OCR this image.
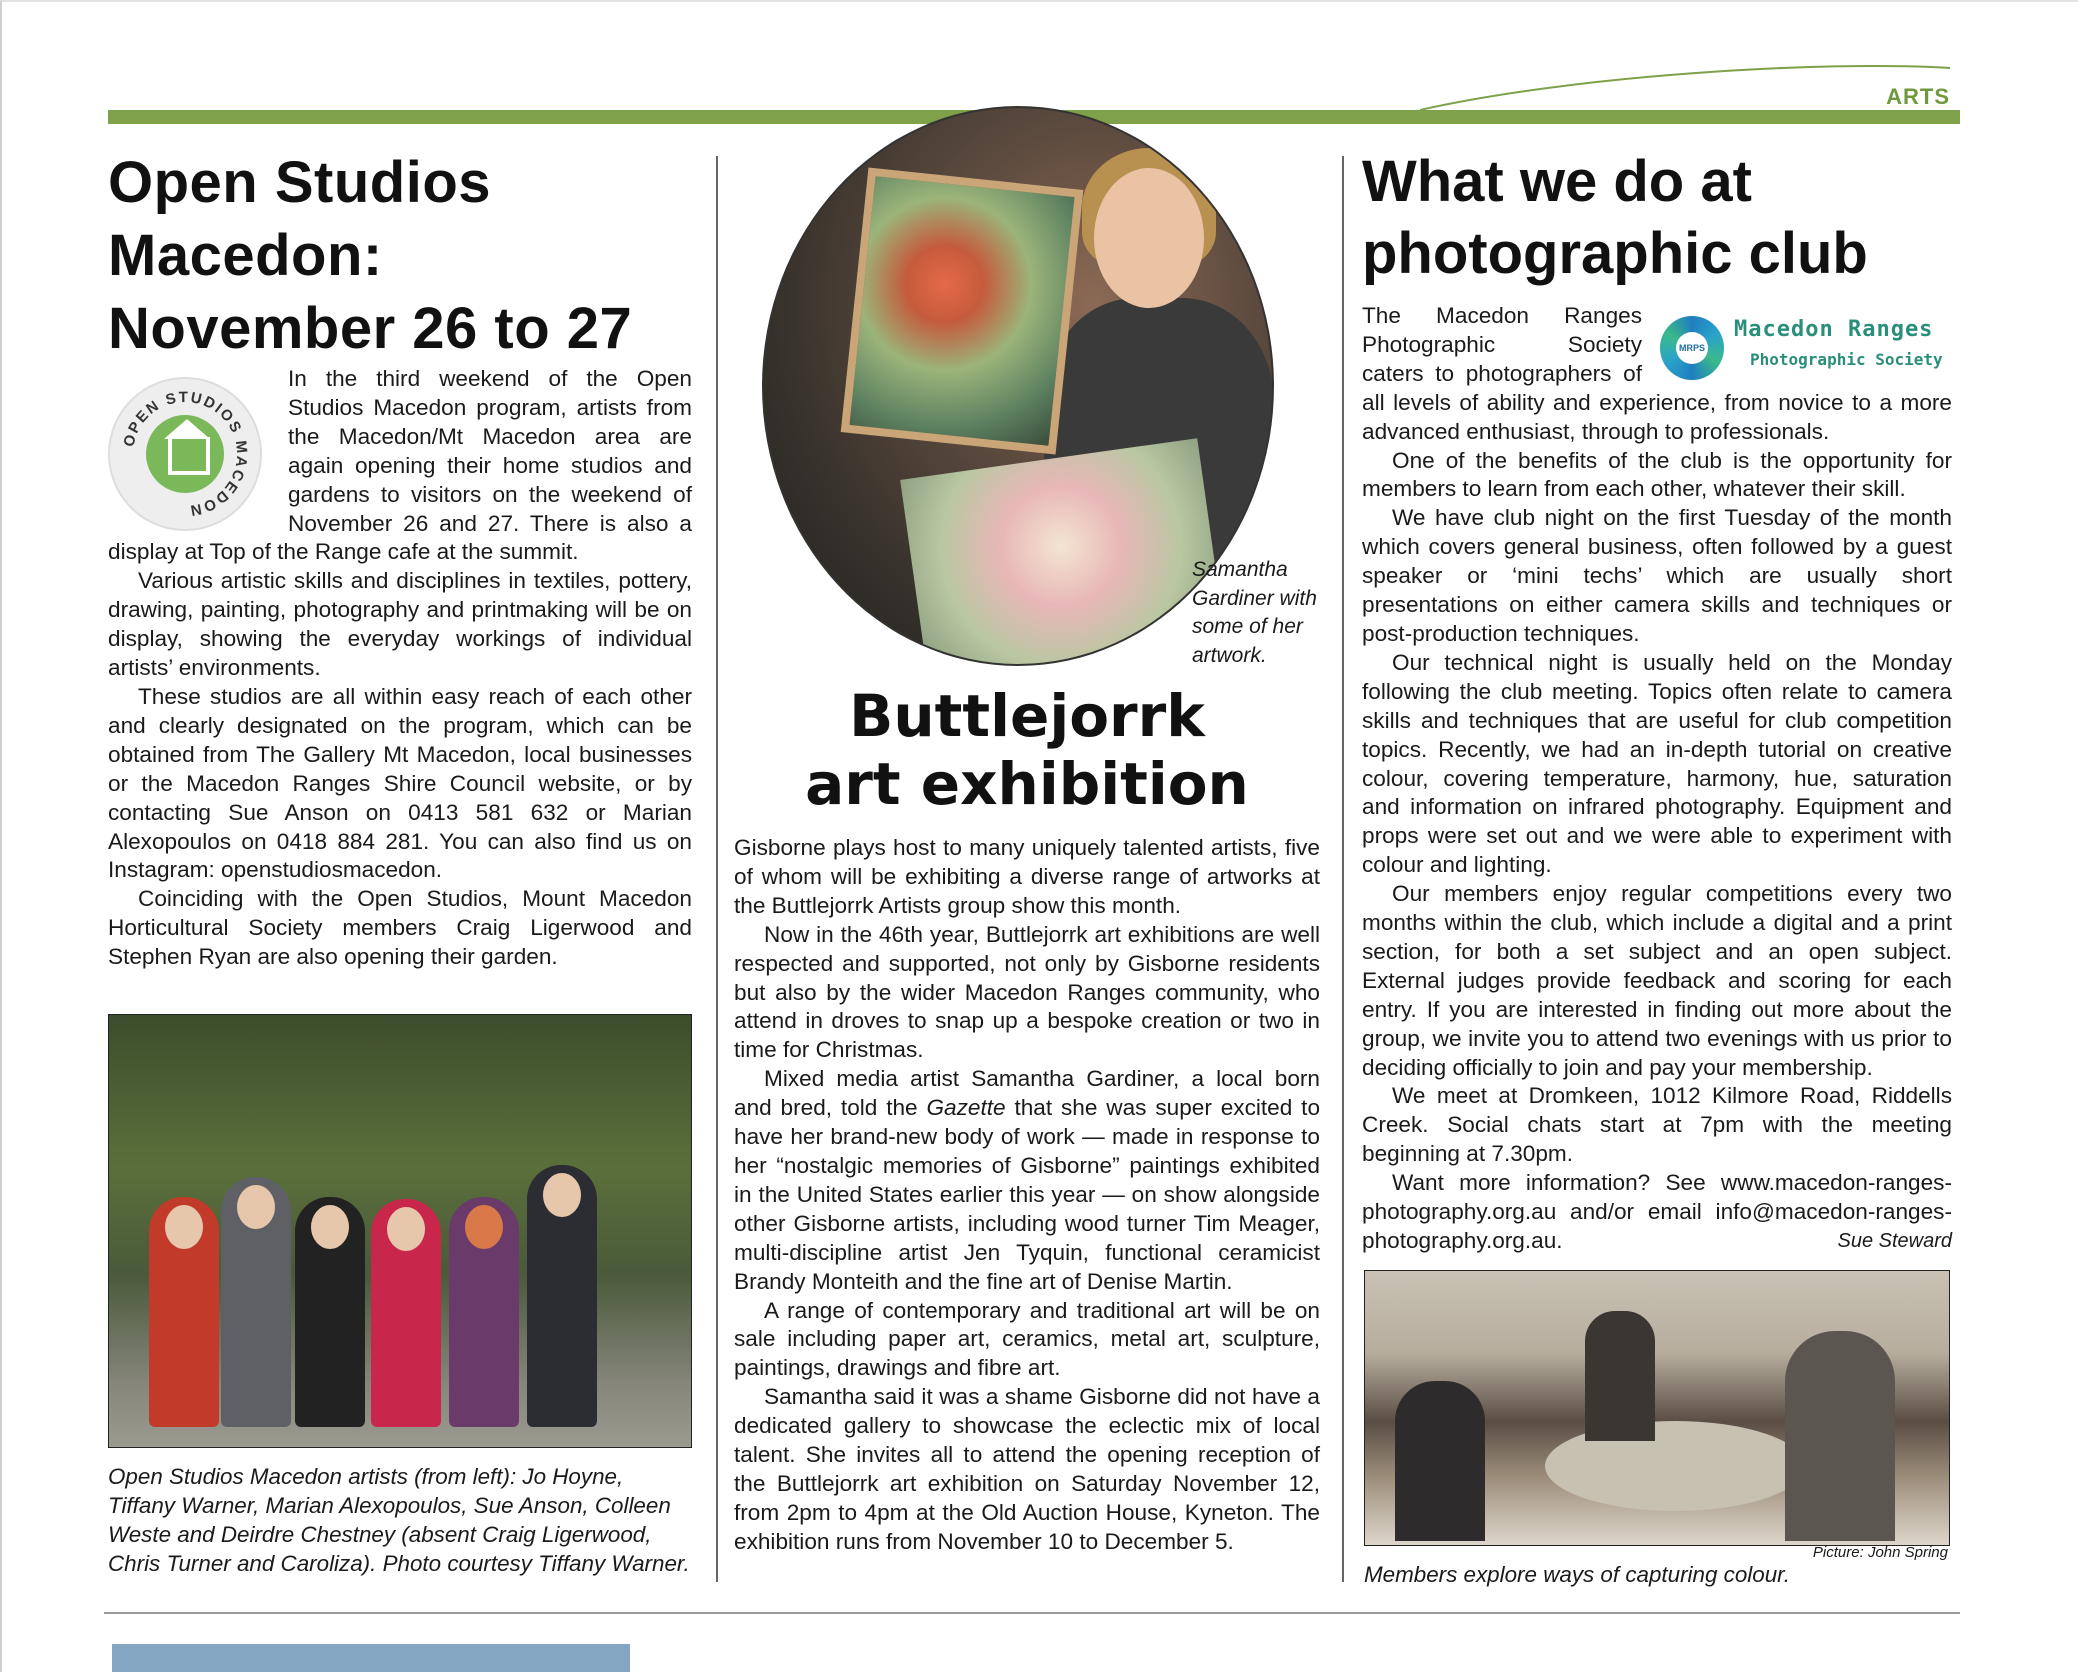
ARTS
Open Studios
Macedon:
November 26 to 27
OPEN STUDIOS MACEDON

In the third weekend of the Open Studios Macedon program, artists from the Macedon/Mt Macedon area are again opening their home studios and gardens to visitors on the weekend of November 26 and 27. There is also a display at Top of the Range cafe at the summit.

Various artistic skills and disciplines in textiles, pottery, drawing, painting, photography and printmaking will be on display, showing the everyday workings of individual artists’ environments.

These studios are all within easy reach of each other and clearly designated on the program, which can be obtained from The Gallery Mt Macedon, local businesses or the Macedon Ranges Shire Council website, or by contacting Sue Anson on 0413 581 632 or Marian Alexopoulos on 0418 884 281. You can also find us on Instagram: openstudiosmacedon.

Coinciding with the Open Studios, Mount Macedon Horticultural Society members Craig Ligerwood and Stephen Ryan are also opening their garden.

Open Studios Macedon artists (from left): Jo Hoyne, Tiffany Warner, Marian Alexopoulos, Sue Anson, Colleen Weste and Deirdre Chestney (absent Craig Ligerwood, Chris Turner and Caroliza). Photo courtesy Tiffany Warner.
Samantha Gardiner with some of her artwork.
Buttlejorrk
art exhibition

Gisborne plays host to many uniquely talented artists, five of whom will be exhibiting a diverse range of artworks at the Buttlejorrk Artists group show this month.

Now in the 46th year, Buttlejorrk art exhibitions are well respected and supported, not only by Gisborne residents but also by the wider Macedon Ranges community, who attend in droves to snap up a bespoke creation or two in time for Christmas.

Mixed media artist Samantha Gardiner, a local born and bred, told the Gazette that she was super excited to have her brand-new body of work — made in response to her “nostalgic memories of Gisborne” paintings exhibited in the United States earlier this year — on show alongside other Gisborne artists, including wood turner Tim Meager, multi-discipline artist Jen Tyquin, functional ceramicist Brandy Monteith and the fine art of Denise Martin.

A range of contemporary and traditional art will be on sale including paper art, ceramics, metal art, sculpture, paintings, drawings and fibre art.

Samantha said it was a shame Gisborne did not have a dedicated gallery to showcase the eclectic mix of local talent. She invites all to attend the opening reception of the Buttlejorrk art exhibition on Saturday November 12, from 2pm to 4pm at the Old Auction House, Kyneton. The exhibition runs from November 10 to December 5.

What we do at
photographic club
MRPS
Macedon Ranges
Photographic Society

The Macedon Ranges Photographic Society caters to photographers of all levels of ability and experience, from novice to a more advanced enthusiast, through to professionals.

One of the benefits of the club is the opportunity for members to learn from each other, whatever their skill.

We have club night on the first Tuesday of the month which covers general business, often followed by a guest speaker or ‘mini techs’ which are usually short presentations on either camera skills and techniques or post-production techniques.

Our technical night is usually held on the Monday following the club meeting. Topics often relate to camera skills and techniques that are useful for club competition topics. Recently, we had an in-depth tutorial on creative colour, covering temperature, harmony, hue, saturation and information on infrared photography. Equipment and props were set out and we were able to experiment with colour and lighting.

Our members enjoy regular competitions every two months within the club, which include a digital and a print section, for both a set subject and an open subject. External judges provide feedback and scoring for each entry. If you are interested in finding out more about the group, we invite you to attend two evenings with us prior to deciding officially to join and pay your membership.

We meet at Dromkeen, 1012 Kilmore Road, Riddells Creek. Social chats start at 7pm with the meeting beginning at 7.30pm.

Want more information? See www.macedon-ranges-photography.org.au and/or email info@macedon-ranges-photography.org.au.	Sue Steward
Picture: John Spring
Members explore ways of capturing colour.
